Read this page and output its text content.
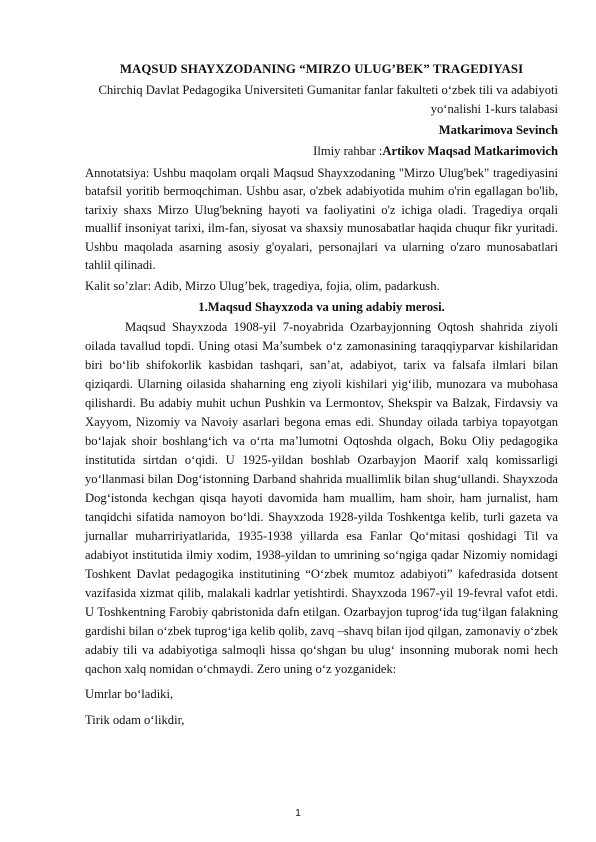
MAQSUD SHAYXZODANING “MIRZO ULUG’BEK” TRAGEDIYASI
Chirchiq Davlat Pedagogika Universiteti Gumanitar fanlar fakulteti o‘zbek tili va adabiyoti yo‘nalishi 1-kurs talabasi
Matkarimova Sevinch
Ilmiy rahbar :Artikov Maqsad Matkarimovich
Annotatsiya: Ushbu maqolam orqali Maqsud Shayxzodaning "Mirzo Ulug'bek" tragediyasini batafsil yoritib bermoqchiman. Ushbu asar, o'zbek adabiyotida muhim o'rin egallagan bo'lib, tarixiy shaxs Mirzo Ulug'bekning hayoti va faoliyatini o'z ichiga oladi. Tragediya orqali muallif insoniyat tarixi, ilm-fan, siyosat va shaxsiy munosabatlar haqida chuqur fikr yuritadi. Ushbu maqolada asarning asosiy g'oyalari, personajlari va ularning o'zaro munosabatlari tahlil qilinadi.
Kalit so’zlar: Adib, Mirzo Ulug’bek, tragediya, fojia, olim, padarkush.
1.Maqsud Shayxzoda va uning adabiy merosi.
Maqsud Shayxzoda 1908-yil 7-noyabrida Ozarbayjonning Oqtosh shahrida ziyoli oilada tavallud topdi. Uning otasi Ma’sumbek o‘z zamonasining taraqqiyparvar kishilaridan biri bo‘lib shifokorlik kasbidan tashqari, san’at, adabiyot, tarix va falsafa ilmlari bilan qiziqardi. Ularning oilasida shaharning eng ziyoli kishilari yig‘ilib, munozara va mubohasa qilishardi. Bu adabiy muhit uchun Pushkin va Lermontov, Shekspir va Balzak, Firdavsiy va Xayyom, Nizomiy va Navoiy asarlari begona emas edi. Shunday oilada tarbiya topayotgan bo‘lajak shoir boshlang‘ich va o‘rta ma’lumotni Oqtoshda olgach, Boku Oliy pedagogika institutida sirtdan o‘qidi. U 1925-yildan boshlab Ozarbayjon Maorif xalq komissarligi yo‘llanmasi bilan Dog‘istonning Darband shahrida muallimlik bilan shug‘ullandi. Shayxzoda Dog‘istonda kechgan qisqa hayoti davomida ham muallim, ham shoir, ham jurnalist, ham tanqidchi sifatida namoyon bo‘ldi. Shayxzoda 1928-yilda Toshkentga kelib, turli gazeta va jurnallar muharririyatlarida, 1935-1938 yillarda esa Fanlar Qo‘mitasi qoshidagi Til va adabiyot institutida ilmiy xodim, 1938-yildan to umrining so‘ngiga qadar Nizomiy nomidagi Toshkent Davlat pedagogika institutining “O‘zbek mumtoz adabiyoti” kafedrasida dotsent vazifasida xizmat qilib, malakali kadrlar yetishtirdi. Shayxzoda 1967-yil 19-fevral vafot etdi. U Toshkentning Farobiy qabristonida dafn etilgan. Ozarbayjon tuprog‘ida tug‘ilgan falakning gardishi bilan o‘zbek tuprog‘iga kelib qolib, zavq –shavq bilan ijod qilgan, zamonaviy o‘zbek adabiy tili va adabiyotiga salmoqli hissa qo‘shgan bu ulug‘ insonning muborak nomi hech qachon xalq nomidan o‘chmaydi. Zero uning o‘z yozganidek:
Umrlar bo‘ladiki,
Tirik odam o‘likdir,
1
